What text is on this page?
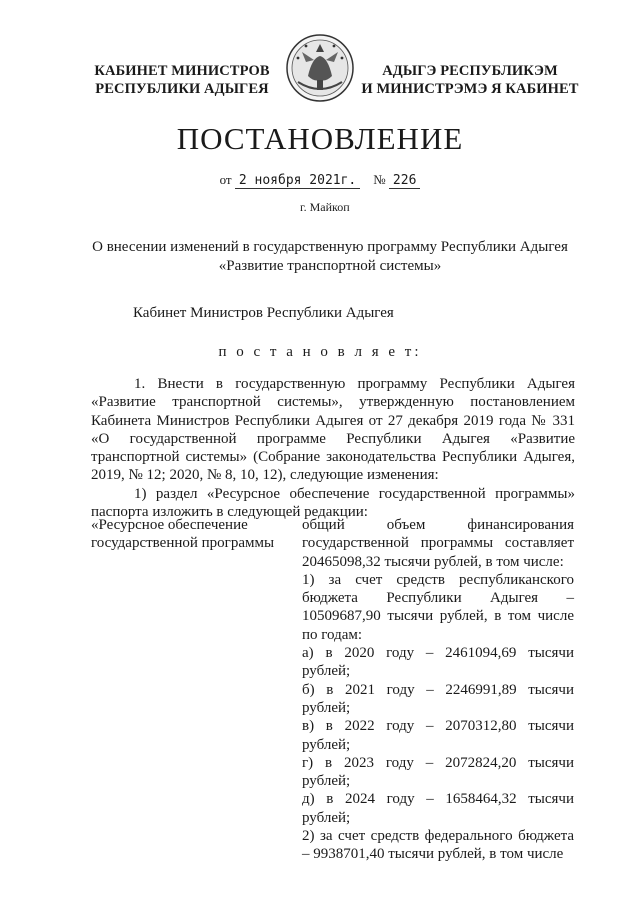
КАБИНЕТ МИНИСТРОВ
РЕСПУБЛИКИ АДЫГЕЯ
АДЫГЭ РЕСПУБЛИКЭМ
И МИНИСТРЭМЭ Я КАБИНЕТ
ПОСТАНОВЛЕНИЕ
от 2 ноября 2021г. № 226
г. Майкоп
О внесении изменений в государственную программу Республики Адыгея
«Развитие транспортной системы»
Кабинет Министров Республики Адыгея
п о с т а н о в л я е т:

1. Внести в государственную программу Республики Адыгея «Развитие транспортной системы», утвержденную постановлением Кабинета Министров Республики Адыгея от 27 декабря 2019 года № 331 «О государственной программе Республики Адыгея «Развитие транспортной системы» (Собрание законодательства Республики Адыгея, 2019, № 12; 2020, № 8, 10, 12), следующие изменения:

1) раздел «Ресурсное обеспечение государственной программы» паспорта изложить в следующей редакции:

«Ресурсное обеспечение государственной программы

общий объем финансирования государственной программы составляет 20465098,32 тысячи рублей, в том числе:

1) за счет средств республиканского бюджета Республики Адыгея – 10509687,90 тысячи рублей, в том числе по годам:

а) в 2020 году – 2461094,69 тысячи рублей;

б) в 2021 году – 2246991,89 тысячи рублей;

в) в 2022 году – 2070312,80 тысячи рублей;

г) в 2023 году – 2072824,20 тысячи рублей;

д) в 2024 году – 1658464,32 тысячи рублей;

2) за счет средств федерального бюджета – 9938701,40 тысячи рублей, в том числе
